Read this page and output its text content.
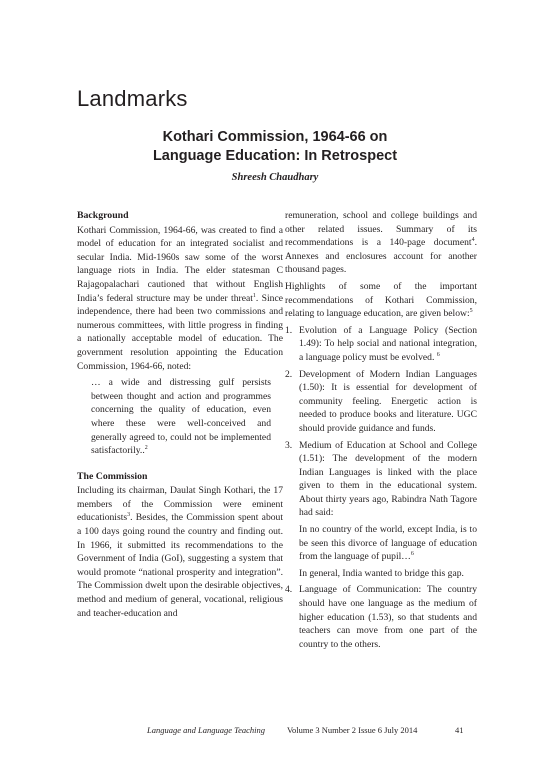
Landmarks
Kothari Commission, 1964-66 on
Language Education: In Retrospect
Shreesh Chaudhary
Background

Kothari Commission, 1964-66, was created to find a model of education for an integrated socialist and secular India. Mid-1960s saw some of the worst language riots in India. The elder statesman C Rajagopalachari cautioned that without English India’s federal structure may be under threat$^1$. Since independence, there had been two commissions and numerous committees, with little progress in finding a nationally acceptable model of education. The government resolution appointing the Education Commission, 1964-66, noted:

… a wide and distressing gulf persists between thought and action and programmes concerning the quality of education, even where these were well-conceived and generally agreed to, could not be implemented satisfactorily..$^2$

The Commission

Including its chairman, Daulat Singh Kothari, the 17 members of the Commission were eminent educationists$^3$. Besides, the Commission spent about a 100 days going round the country and finding out. In 1966, it submitted its recommendations to the Government of India (GoI), suggesting a system that would promote “national prosperity and integration”. The Commission dwelt upon the desirable objectives, method and medium of general, vocational, religious and teacher-education and

remuneration, school and college buildings and other related issues. Summary of its recommendations is a 140-page document$^4$. Annexes and enclosures account for another thousand pages.

Highlights of some of the important recommendations of Kothari Commission, relating to language education, are given below:$^5$

1. Evolution of a Language Policy (Section 1.49): To help social and national integration, a language policy must be evolved. $^6$
2. Development of Modern Indian Languages (1.50): It is essential for development of community feeling. Energetic action is needed to produce books and literature. UGC should provide guidance and funds.
3. Medium of Education at School and College (1.51): The development of the modern Indian Languages is linked with the place given to them in the educational system. About thirty years ago, Rabindra Nath Tagore had said:

In no country of the world, except India, is to be seen this divorce of language of education from the language of pupil…$^6$

In general, India wanted to bridge this gap.

4. Language of Communication: The country should have one language as the medium of higher education (1.53), so that students and teachers can move from one part of the country to the others.
Language and Language Teaching	Volume 3 Number 2 Issue 6 July 2014	41
